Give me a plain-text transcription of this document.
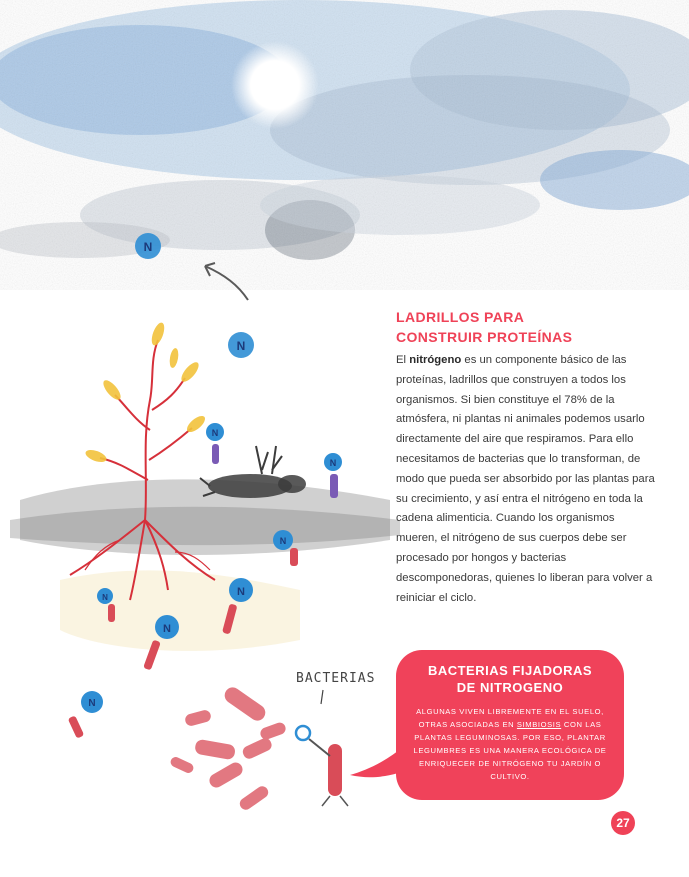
N
N
N
N
N
N	N
N
N
BACTERIAS
LADRILLOS PARA
CONSTRUIR PROTEÍNAS

El nitrógeno es un componente básico de las proteínas, ladrillos que construyen a todos los organismos. Si bien constituye el 78% de la atmósfera, ni plantas ni animales podemos usarlo directamente del aire que respiramos. Para ello necesitamos de bacterias que lo transforman, de modo que pueda ser absorbido por las plantas para su crecimiento, y así entra el nitrógeno en toda la cadena alimenticia. Cuando los organismos mueren, el nitrógeno de sus cuerpos debe ser procesado por hongos y bacterias descomponedoras, quienes lo liberan para volver a reiniciar el ciclo.

BACTERIAS FIJADORAS
DE NITROGENO

ALGUNAS VIVEN LIBREMENTE EN EL SUELO, OTRAS ASOCIADAS EN SIMBIOSIS CON LAS PLANTAS LEGUMINOSAS. POR ESO, PLANTAR LEGUMBRES ES UNA MANERA ECOLÓGICA DE ENRIQUECER DE NITRÓGENO TU JARDÍN O CULTIVO.

27
